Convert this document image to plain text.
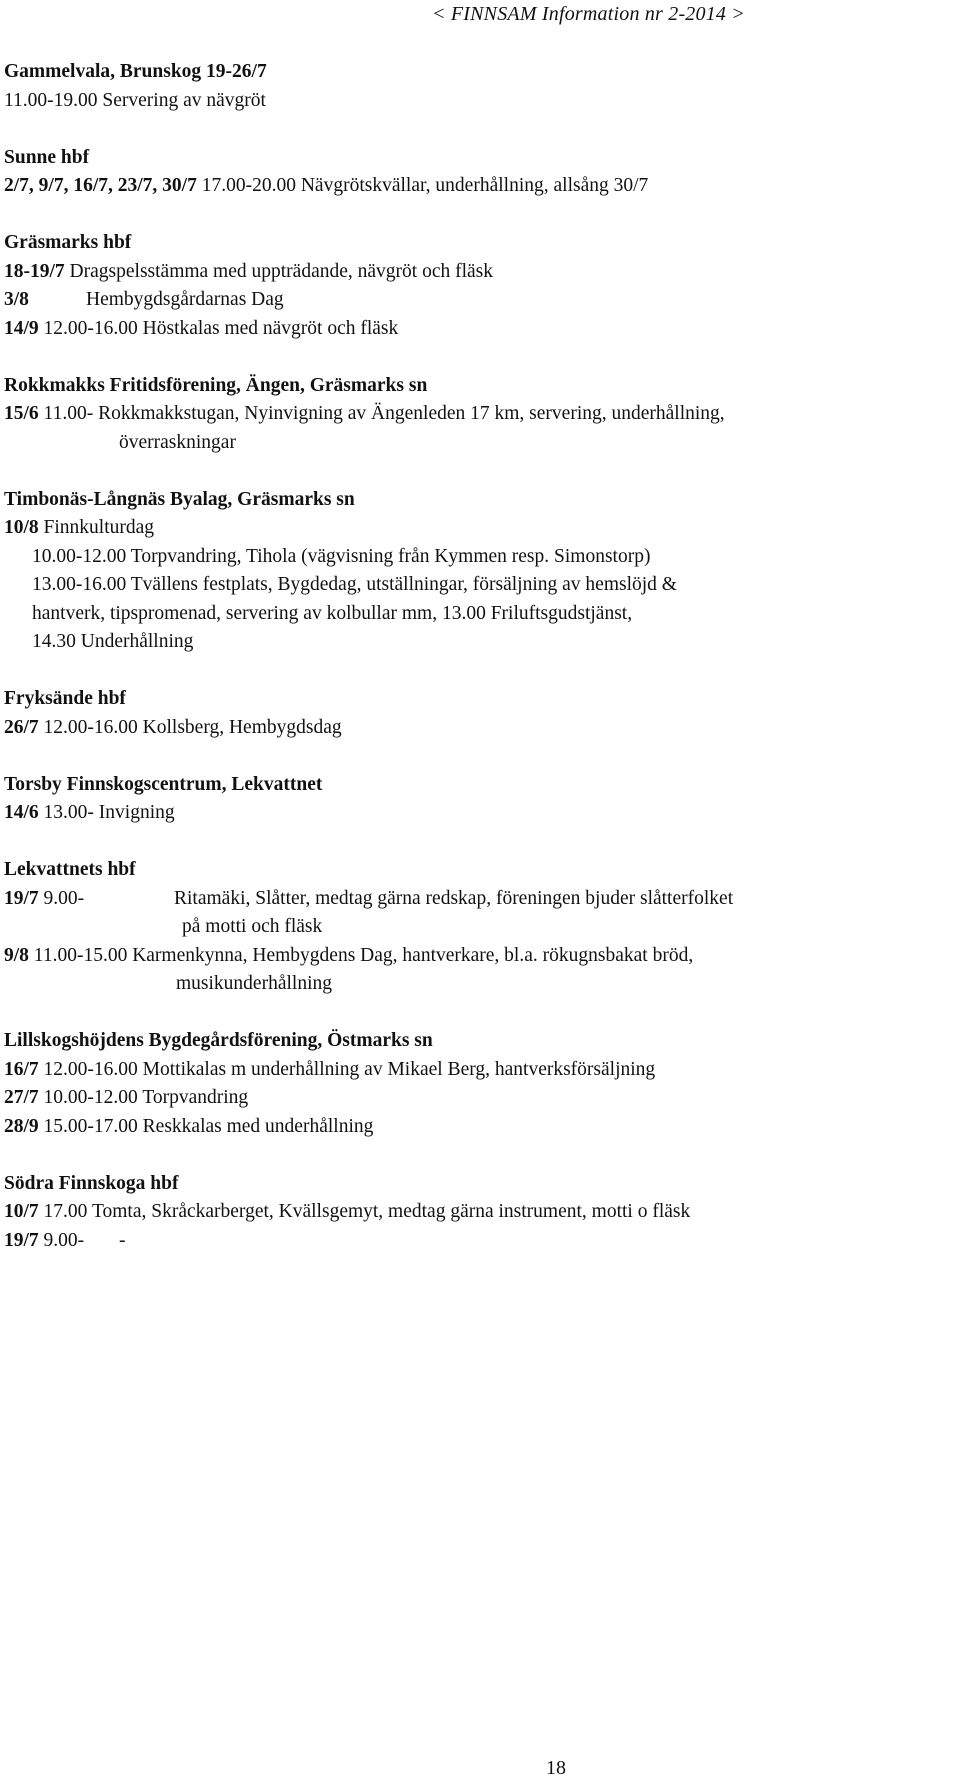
< FINNSAM Information nr 2-2014 >
Gammelvala, Brunskog 19-26/7
11.00-19.00 Servering av nävgröt
Sunne hbf
2/7, 9/7, 16/7, 23/7, 30/7 17.00-20.00 Nävgrötskvällar, underhållning, allsång 30/7
Gräsmarks hbf
18-19/7 Dragspelsstämma med uppträdande, nävgröt och fläsk
3/8	Hembygdsgårdarnas Dag
14/9 12.00-16.00 Höstkalas med nävgröt och fläsk
Rokkmakks Fritidsförening, Ängen, Gräsmarks sn
15/6 11.00- Rokkmakkstugan, Nyinvigning av Ängenleden 17 km, servering, underhållning,
överraskningar
Timbonäs-Långnäs Byalag, Gräsmarks sn
10/8 Finnkulturdag
10.00-12.00 Torpvandring, Tihola (vägvisning från Kymmen resp. Simonstorp)
13.00-16.00 Tvällens festplats, Bygdedag, utställningar, försäljning av hemslöjd &
hantverk, tipspromenad, servering av kolbullar mm, 13.00 Friluftsgudstjänst,
14.30 Underhållning
Fryksände hbf
26/7 12.00-16.00 Kollsberg, Hembygdsdag
Torsby Finnskogscentrum, Lekvattnet
14/6 13.00- Invigning
Lekvattnets hbf
19/7 9.00-	Ritamäki, Slåtter, medtag gärna redskap, föreningen bjuder slåtterfolket
på motti och fläsk
9/8 11.00-15.00 Karmenkynna, Hembygdens Dag, hantverkare, bl.a. rökugnsbakat bröd,
musikunderhållning
Lillskogshöjdens Bygdegårdsförening, Östmarks sn
16/7 12.00-16.00 Mottikalas m underhållning av Mikael Berg, hantverksförsäljning
27/7 10.00-12.00 Torpvandring
28/9 15.00-17.00 Reskkalas med underhållning
Södra Finnskoga hbf
10/7 17.00 Tomta, Skråckarberget, Kvällsgemyt, medtag gärna instrument, motti o fläsk
19/7 9.00- -
18
